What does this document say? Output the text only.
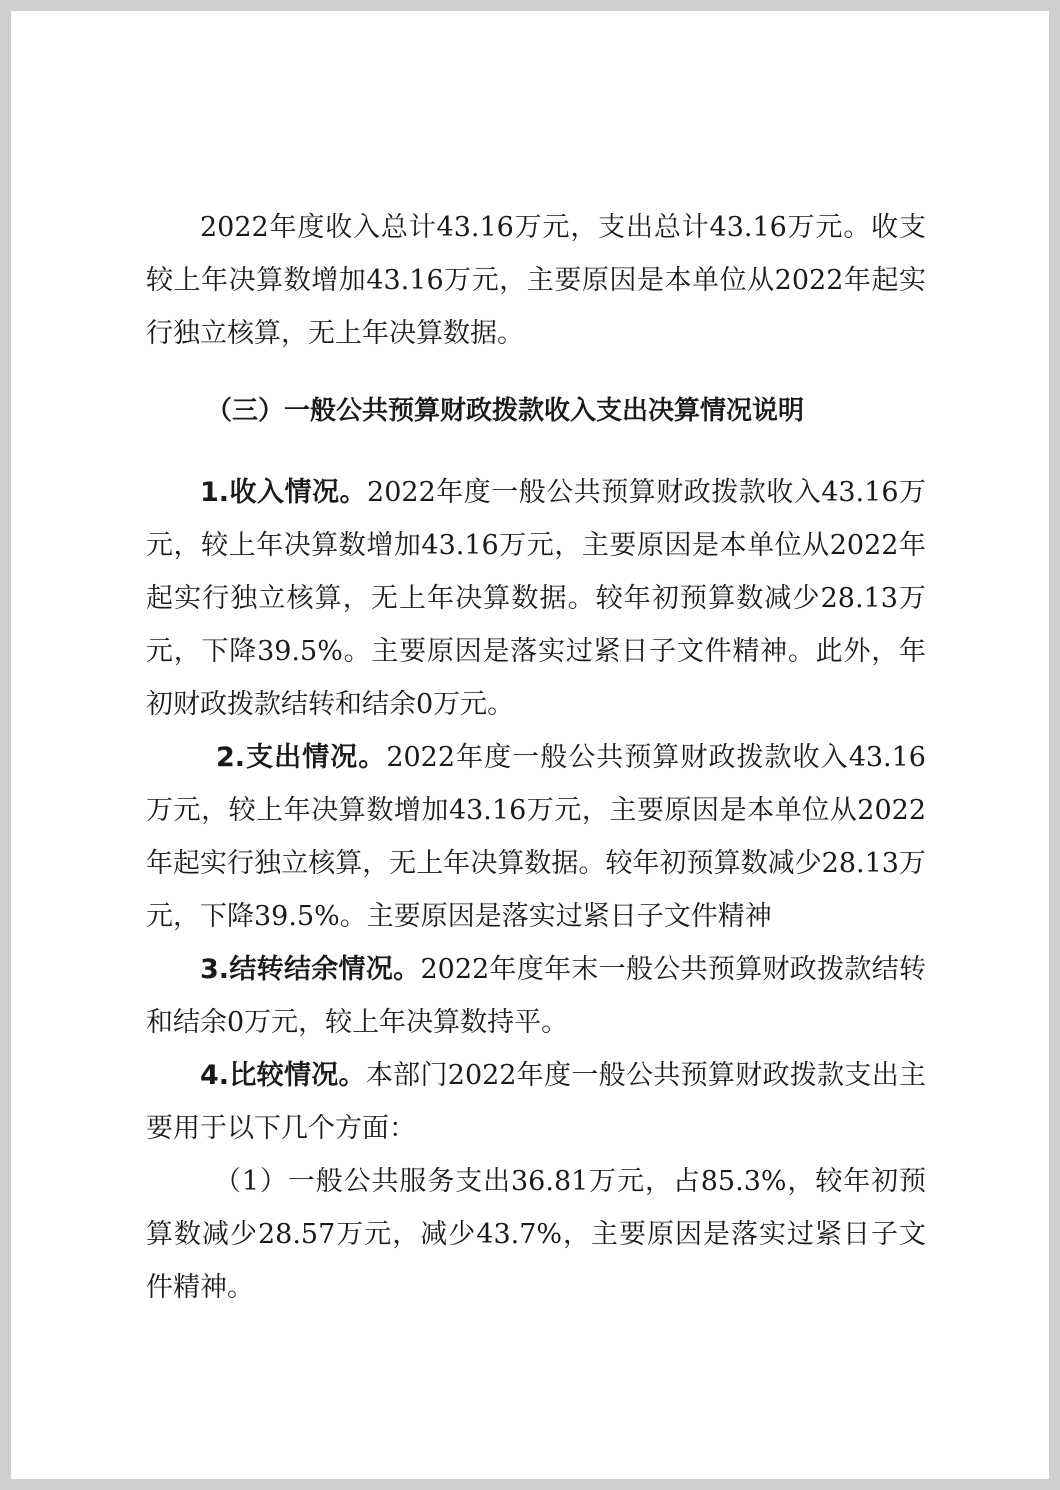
2022年度收入总计43.16万元，支出总计43.16万元。收支较上年决算数增加43.16万元，主要原因是本单位从2022年起实行独立核算，无上年决算数据。

（三）一般公共预算财政拨款收入支出决算情况说明

1.收入情况。2022年度一般公共预算财政拨款收入43.16万元，较上年决算数增加43.16万元，主要原因是本单位从2022年起实行独立核算，无上年决算数据。较年初预算数减少28.13万元，下降39.5%。主要原因是落实过紧日子文件精神。此外，年初财政拨款结转和结余0万元。

2.支出情况。2022年度一般公共预算财政拨款收入43.16万元，较上年决算数增加43.16万元，主要原因是本单位从2022年起实行独立核算，无上年决算数据。较年初预算数减少28.13万元，下降39.5%。主要原因是落实过紧日子文件精神

3.结转结余情况。2022年度年末一般公共预算财政拨款结转和结余0万元，较上年决算数持平。

4.比较情况。本部门2022年度一般公共预算财政拨款支出主要用于以下几个方面：

（1）一般公共服务支出36.81万元，占85.3%，较年初预算数减少28.57万元，减少43.7%，主要原因是落实过紧日子文件精神。
